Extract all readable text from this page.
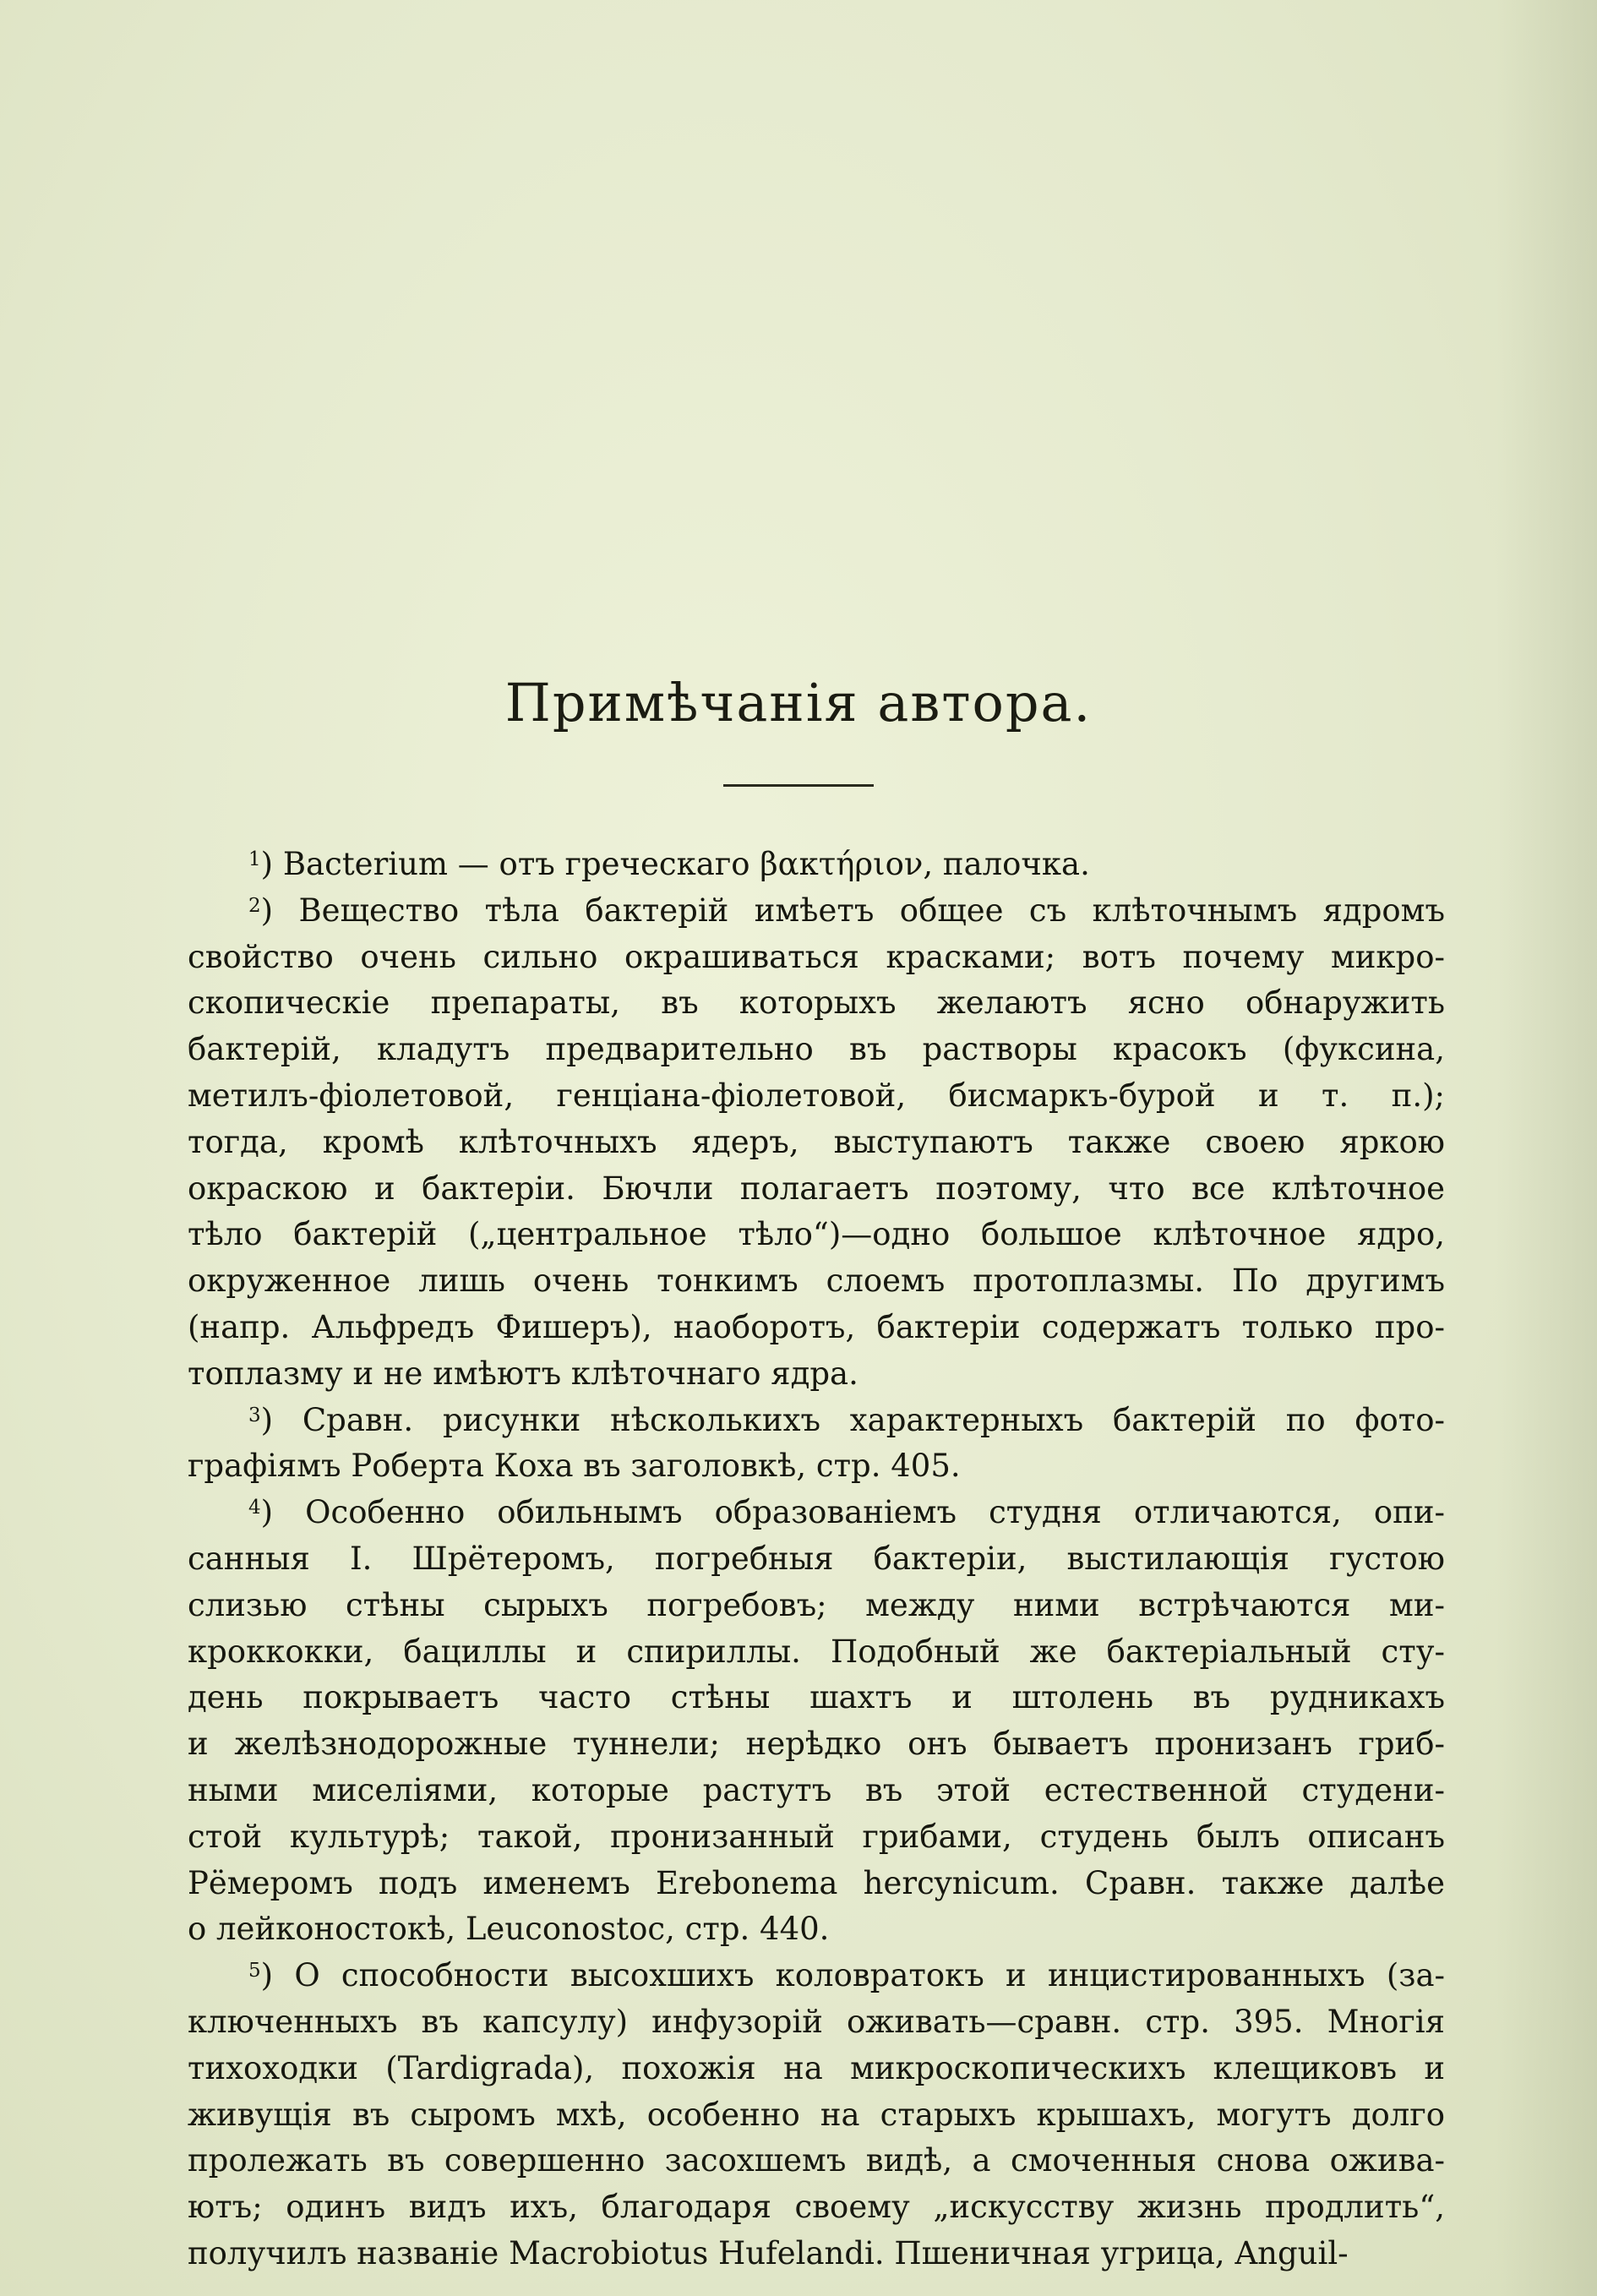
Примѣчанія автора.
$^1$) Bacterium — отъ греческаго βακτήριον, палочка.
$^2$) Вещество тѣла бактерій имѣетъ общее съ клѣточнымъ ядромъ
свойство очень сильно окрашиваться красками; вотъ почему микро-
скопическіе препараты, въ которыхъ желаютъ ясно обнаружить
бактерій, кладутъ предварительно въ растворы красокъ (фуксина,
метилъ-фіолетовой, генціана-фіолетовой, бисмаркъ-бурой и т. п.);
тогда, кромѣ клѣточныхъ ядеръ, выступаютъ также своею яркою
окраскою и бактеріи. Бючли полагаетъ поэтому, что все клѣточное
тѣло бактерій („центральное тѣло“)—одно большое клѣточное ядро,
окруженное лишь очень тонкимъ слоемъ протоплазмы. По другимъ
(напр. Альфредъ Фишеръ), наоборотъ, бактеріи содержатъ только про-
топлазму и не имѣютъ клѣточнаго ядра.
$^3$) Сравн. рисунки нѣсколькихъ характерныхъ бактерій по фото-
графіямъ Роберта Коха въ заголовкѣ, стр. 405.
$^4$) Особенно обильнымъ образованіемъ студня отличаются, опи-
санныя I. Шрётеромъ, погребныя бактеріи, выстилающія густою
слизью стѣны сырыхъ погребовъ; между ними встрѣчаются ми-
кроккокки, бациллы и спириллы. Подобный же бактеріальный сту-
день покрываетъ часто стѣны шахтъ и штолень въ рудникахъ
и желѣзнодорожные туннели; нерѣдко онъ бываетъ пронизанъ гриб-
ными миceліями, которые растутъ въ этой естественной студени-
стой культурѣ; такой, пронизанный грибами, студень былъ описанъ
Рёмеромъ подъ именемъ Erebonema hercynicum. Сравн. также далѣе
о лейконостокѣ, Leuconostoc, стр. 440.
$^5$) О способности высохшихъ коловратокъ и инцистированныхъ (за-
ключенныхъ въ капсулу) инфузорій оживать—сравн. стр. 395. Многія
тихоходки (Tardigrada), похожія на микроскопическихъ клещиковъ и
живущія въ сыромъ мхѣ, особенно на старыхъ крышахъ, могутъ долго
пролежать въ совершенно засохшемъ видѣ, а смоченныя снова ожива-
ютъ; одинъ видъ ихъ, благодаря своему „искусству жизнь продлить“,
получилъ названіе Macrobiotus Hufelandi. Пшеничная угрица, Anguil-
